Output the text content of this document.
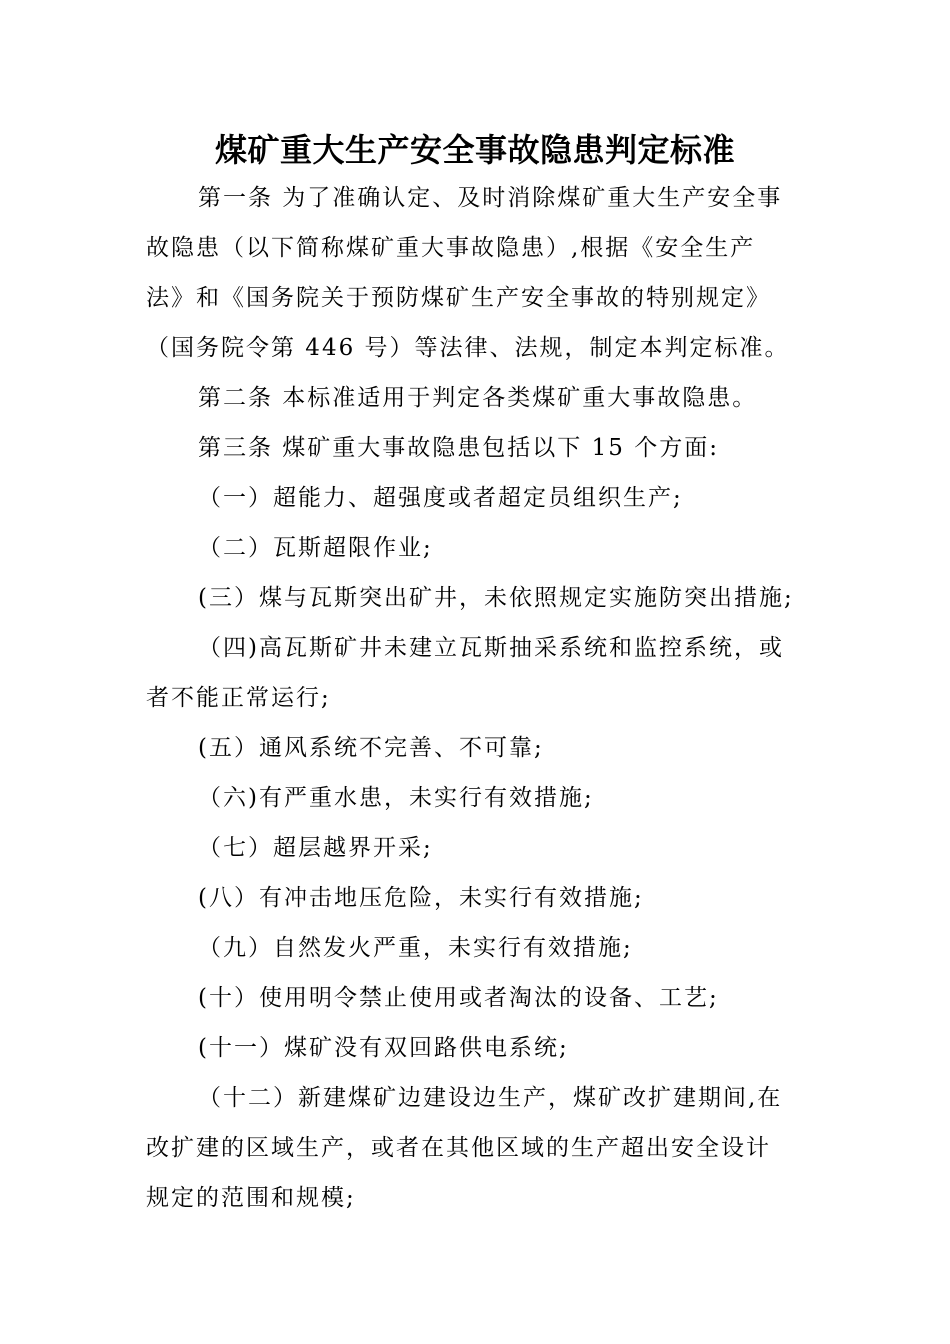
煤矿重大生产安全事故隐患判定标准

第一条 为了准确认定、及时消除煤矿重大生产安全事

故隐患（以下简称煤矿重大事故隐患）,根据《安全生产

法》和《国务院关于预防煤矿生产安全事故的特别规定》

（国务院令第 446 号）等法律、法规，制定本判定标准。

第二条 本标准适用于判定各类煤矿重大事故隐患。

第三条 煤矿重大事故隐患包括以下 15 个方面:

（一）超能力、超强度或者超定员组织生产;

（二）瓦斯超限作业;

(三）煤与瓦斯突出矿井，未依照规定实施防突出措施;

（四)高瓦斯矿井未建立瓦斯抽采系统和监控系统，或

者不能正常运行;

(五）通风系统不完善、不可靠;

（六)有严重水患，未实行有效措施;

（七）超层越界开采;

(八）有冲击地压危险，未实行有效措施;

（九）自然发火严重，未实行有效措施;

(十）使用明令禁止使用或者淘汰的设备、工艺;

(十一）煤矿没有双回路供电系统;

（十二）新建煤矿边建设边生产，煤矿改扩建期间,在

改扩建的区域生产，或者在其他区域的生产超出安全设计

规定的范围和规模;
